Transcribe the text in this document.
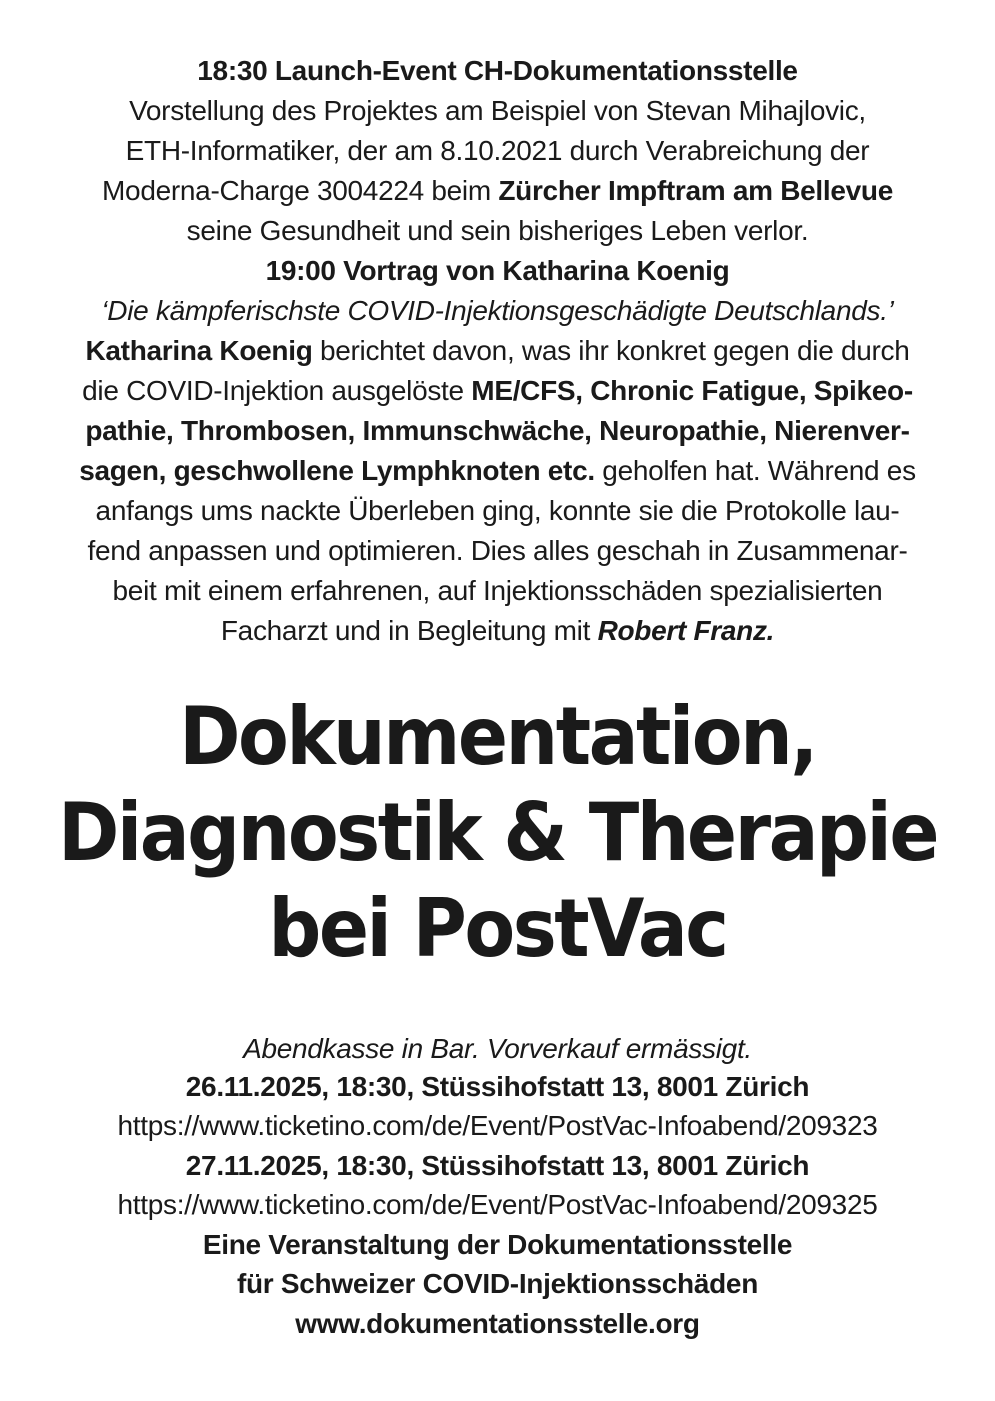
18:30 Launch-Event CH-Dokumentationsstelle
Vorstellung des Projektes am Beispiel von Stevan Mihajlovic,
ETH-Informatiker, der am 8.10.2021 durch Verabreichung der
Moderna-Charge 3004224 beim Zürcher Impftram am Bellevue
seine Gesundheit und sein bisheriges Leben verlor.
19:00 Vortrag von Katharina Koenig
‘Die kämpferischste COVID-Injektionsgeschädigte Deutschlands.’
Katharina Koenig berichtet davon, was ihr konkret gegen die durch
die COVID-Injektion ausgelöste ME/CFS, Chronic Fatigue, Spikeo-
pathie, Thrombosen, Immunschwäche, Neuropathie, Nierenver-
sagen, geschwollene Lymphknoten etc. geholfen hat. Während es
anfangs ums nackte Überleben ging, konnte sie die Protokolle lau-
fend anpassen und optimieren. Dies alles geschah in Zusammenar-
beit mit einem erfahrenen, auf Injektionsschäden spezialisierten
Facharzt und in Begleitung mit Robert Franz.
Dokumentation,
Diagnostik & Therapie
bei PostVac
Abendkasse in Bar. Vorverkauf ermässigt.
26.11.2025, 18:30, Stüssihofstatt 13, 8001 Zürich
https://www.ticketino.com/de/Event/PostVac-Infoabend/209323
27.11.2025, 18:30, Stüssihofstatt 13, 8001 Zürich
https://www.ticketino.com/de/Event/PostVac-Infoabend/209325
Eine Veranstaltung der Dokumentationsstelle
für Schweizer COVID-Injektionsschäden
www.dokumentationsstelle.org
